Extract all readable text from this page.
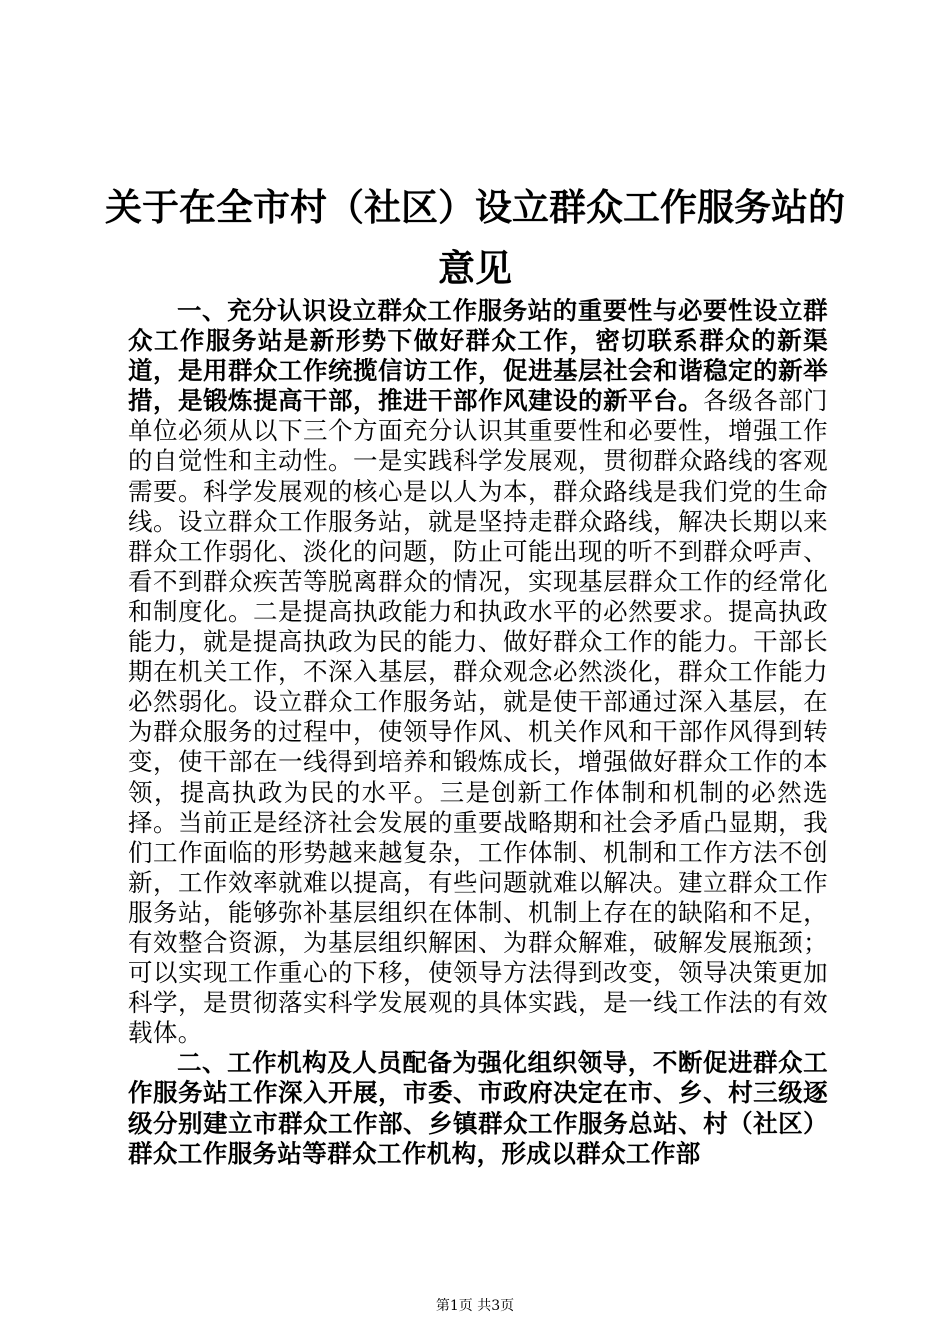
关于在全市村（社区）设立群众工作服务站的
意见

一、充分认识设立群众工作服务站的重要性与必要性设立群众工作服务站是新形势下做好群众工作，密切联系群众的新渠道，是用群众工作统揽信访工作，促进基层社会和谐稳定的新举措，是锻炼提高干部，推进干部作风建设的新平台。各级各部门单位必须从以下三个方面充分认识其重要性和必要性，增强工作的自觉性和主动性。一是实践科学发展观，贯彻群众路线的客观需要。科学发展观的核心是以人为本，群众路线是我们党的生命线。设立群众工作服务站，就是坚持走群众路线，解决长期以来群众工作弱化、淡化的问题，防止可能出现的听不到群众呼声、看不到群众疾苦等脱离群众的情况，实现基层群众工作的经常化和制度化。二是提高执政能力和执政水平的必然要求。提高执政能力，就是提高执政为民的能力、做好群众工作的能力。干部长期在机关工作，不深入基层，群众观念必然淡化，群众工作能力必然弱化。设立群众工作服务站，就是使干部通过深入基层，在为群众服务的过程中，使领导作风、机关作风和干部作风得到转变，使干部在一线得到培养和锻炼成长，增强做好群众工作的本领，提高执政为民的水平。三是创新工作体制和机制的必然选择。当前正是经济社会发展的重要战略期和社会矛盾凸显期，我们工作面临的形势越来越复杂，工作体制、机制和工作方法不创新，工作效率就难以提高，有些问题就难以解决。建立群众工作服务站，能够弥补基层组织在体制、机制上存在的缺陷和不足，有效整合资源，为基层组织解困、为群众解难，破解发展瓶颈；可以实现工作重心的下移，使领导方法得到改变，领导决策更加科学，是贯彻落实科学发展观的具体实践，是一线工作法的有效载体。

二、工作机构及人员配备为强化组织领导，不断促进群众工作服务站工作深入开展，市委、市政府决定在市、乡、村三级逐级分别建立市群众工作部、乡镇群众工作服务总站、村（社区）群众工作服务站等群众工作机构，形成以群众工作部

第1页 共3页
